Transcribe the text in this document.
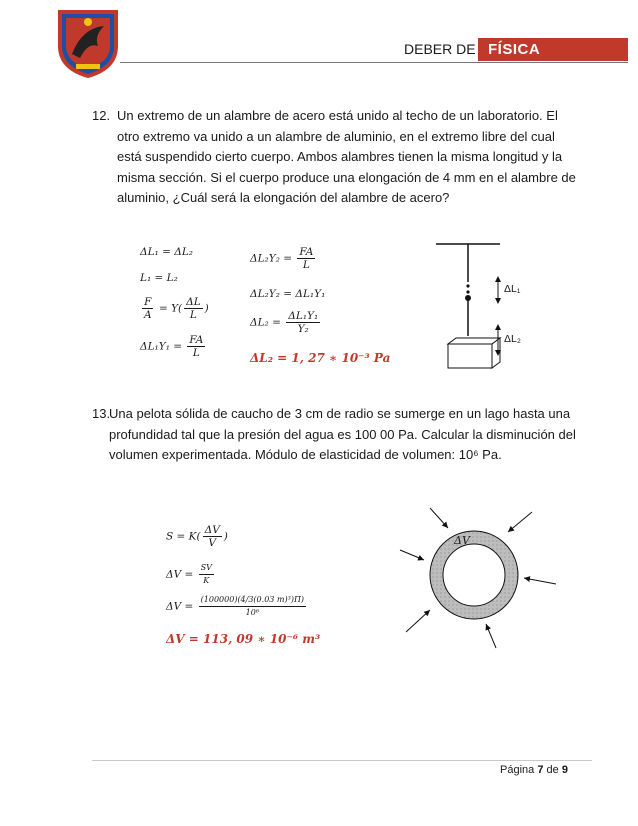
DEBER DE FÍSICA
12. Un extremo de un alambre de acero está unido al techo de un laboratorio. El
otro extremo va unido a un alambre de aluminio, en el extremo libre del cual
está suspendido cierto cuerpo. Ambos alambres tienen la misma longitud y la
misma sección. Si el cuerpo produce una elongación de 4 mm en el alambre de
aluminio, ¿Cuál será la elongación del alambre de acero?
ΔL₁ = ΔL₂
L₁ = L₂
$\frac{F}{A} = Y( \frac{\Delta L}{L}$ )
$\Delta L_1Y_1 = \frac{FA}{L}$
$\Delta L_2Y_2 = \frac{FA}{L}$
ΔL₂Y₂ = ΔL₁Y₁
$\Delta L_2 = \frac{\text{ΔL₁Y₁}}{\text{Y₂}}$
ΔL₂ = 1, 27 ∗ 10⁻³ Pa
ΔL₁
ΔL₂
13.
Una pelota sólida de caucho de 3 cm de radio se sumerge en un lago hasta una
profundidad tal que la presión del agua es 100 00 Pa. Calcular la disminución del
volumen experimentada. Módulo de elasticidad de volumen: 10⁶ Pa.
$S = K( \frac{\Delta V}{V}$ )
$\Delta V = \frac{SV}{K}$
$\Delta V = \frac{\text{(100000)(4/3(0.03 m)³)Π)}}{\text{10⁶}}$
ΔV = 113, 09 ∗ 10⁻⁶ m³
ΔV
Página 7 de 9
